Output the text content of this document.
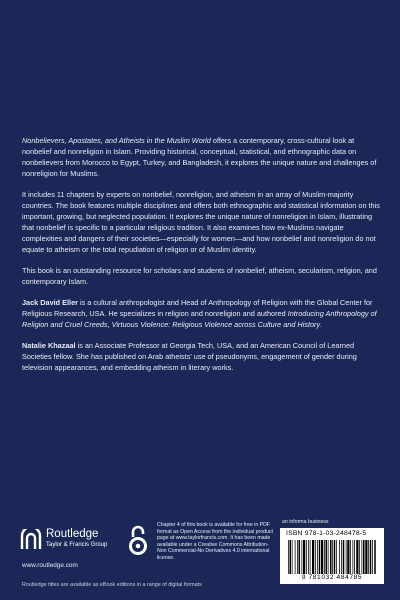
Nonbelievers, Apostates, and Atheists in the Muslim World offers a contemporary, cross-cultural look at nonbelief and nonreligion in Islam. Providing historical, conceptual, statistical, and ethnographic data on nonbelievers from Morocco to Egypt, Turkey, and Bangladesh, it explores the unique nature and challenges of nonreligion for Muslims.

It includes 11 chapters by experts on nonbelief, nonreligion, and atheism in an array of Muslim-majority countries. The book features multiple disciplines and offers both ethnographic and statistical information on this important, growing, but neglected population. It explores the unique nature of nonreligion in Islam, illustrating that nonbelief is specific to a particular religious tradition. It also examines how ex-Muslims navigate complexities and dangers of their societies—especially for women—and how nonbelief and nonreligion do not equate to atheism or the total repudiation of religion or of Muslim identity.

This book is an outstanding resource for scholars and students of nonbelief, atheism, secularism, religion, and contemporary Islam.

Jack David Eller is a cultural anthropologist and Head of Anthropology of Religion with the Global Center for Religious Research, USA. He specializes in religion and nonreligion and authored Introducing Anthropology of Religion and Cruel Creeds, Virtuous Violence: Religious Violence across Culture and History.

Natalie Khazaal is an Associate Professor at Georgia Tech, USA, and an American Council of Learned Societies fellow. She has published on Arab atheists' use of pseudonyms, engagement of gender during television appearances, and embedding atheism in literary works.

Routledge
Taylor & Francis Group
www.routledge.com
Routledge titles are available as eBook editions in a range of digital formats
Chapter 4 of this book is available for free in PDF format as Open Access from the individual product page at www.taylorfrancis.com. It has been made available under a Creative Commons Attribution-Non Commercial-No Derivatives 4.0 international license.
an informa business
ISBN 978-1-03-248478-5
9 781032 484785
